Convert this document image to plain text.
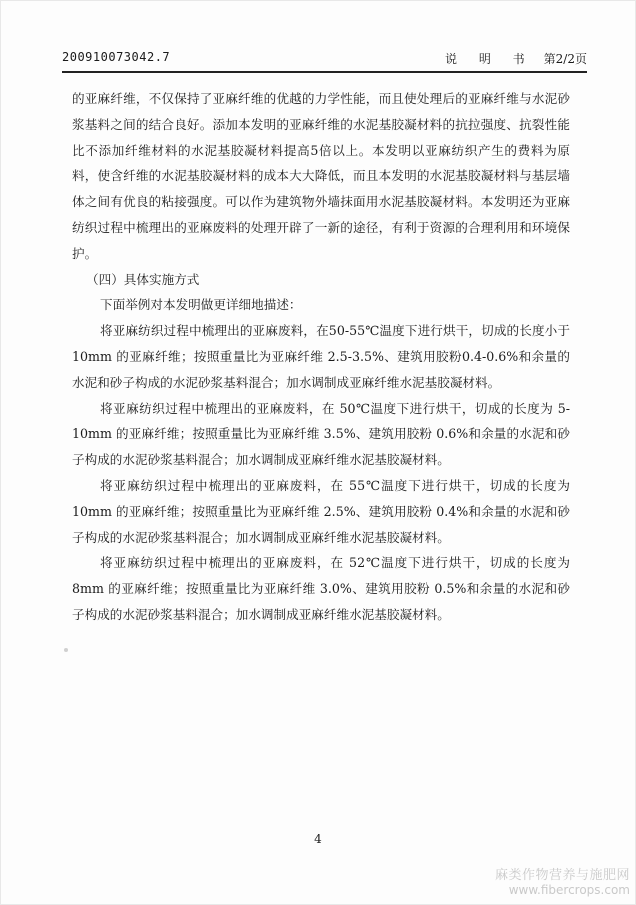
200910073042.7	说 明 书 第2/2页

的亚麻纤维，不仅保持了亚麻纤维的优越的力学性能，而且使处理后的亚麻纤维与水泥砂浆基料之间的结合良好。添加本发明的亚麻纤维的水泥基胶凝材料的抗拉强度、抗裂性能比不添加纤维材料的水泥基胶凝材料提高5倍以上。本发明以亚麻纺织产生的费料为原料，使含纤维的水泥基胶凝材料的成本大大降低，而且本发明的水泥基胶凝材料与基层墙体之间有优良的粘接强度。可以作为建筑物外墙抹面用水泥基胶凝材料。本发明还为亚麻纺织过程中梳理出的亚麻废料的处理开辟了一新的途径，有利于资源的合理利用和环境保护。

（四）具体实施方式

下面举例对本发明做更详细地描述：

将亚麻纺织过程中梳理出的亚麻废料，在50-55℃温度下进行烘干，切成的长度小于 10mm 的亚麻纤维；按照重量比为亚麻纤维 2.5-3.5%、建筑用胶粉0.4-0.6%和余量的水泥和砂子构成的水泥砂浆基料混合；加水调制成亚麻纤维水泥基胶凝材料。

将亚麻纺织过程中梳理出的亚麻废料，在 50℃温度下进行烘干，切成的长度为 5-10mm 的亚麻纤维；按照重量比为亚麻纤维 3.5%、建筑用胶粉 0.6%和余量的水泥和砂子构成的水泥砂浆基料混合；加水调制成亚麻纤维水泥基胶凝材料。

将亚麻纺织过程中梳理出的亚麻废料，在 55℃温度下进行烘干，切成的长度为 10mm 的亚麻纤维；按照重量比为亚麻纤维 2.5%、建筑用胶粉 0.4%和余量的水泥和砂子构成的水泥砂浆基料混合；加水调制成亚麻纤维水泥基胶凝材料。

将亚麻纺织过程中梳理出的亚麻废料，在 52℃温度下进行烘干，切成的长度为 8mm 的亚麻纤维；按照重量比为亚麻纤维 3.0%、建筑用胶粉 0.5%和余量的水泥和砂子构成的水泥砂浆基料混合；加水调制成亚麻纤维水泥基胶凝材料。

4
麻类作物营养与施肥网
www.fibercrops.com
